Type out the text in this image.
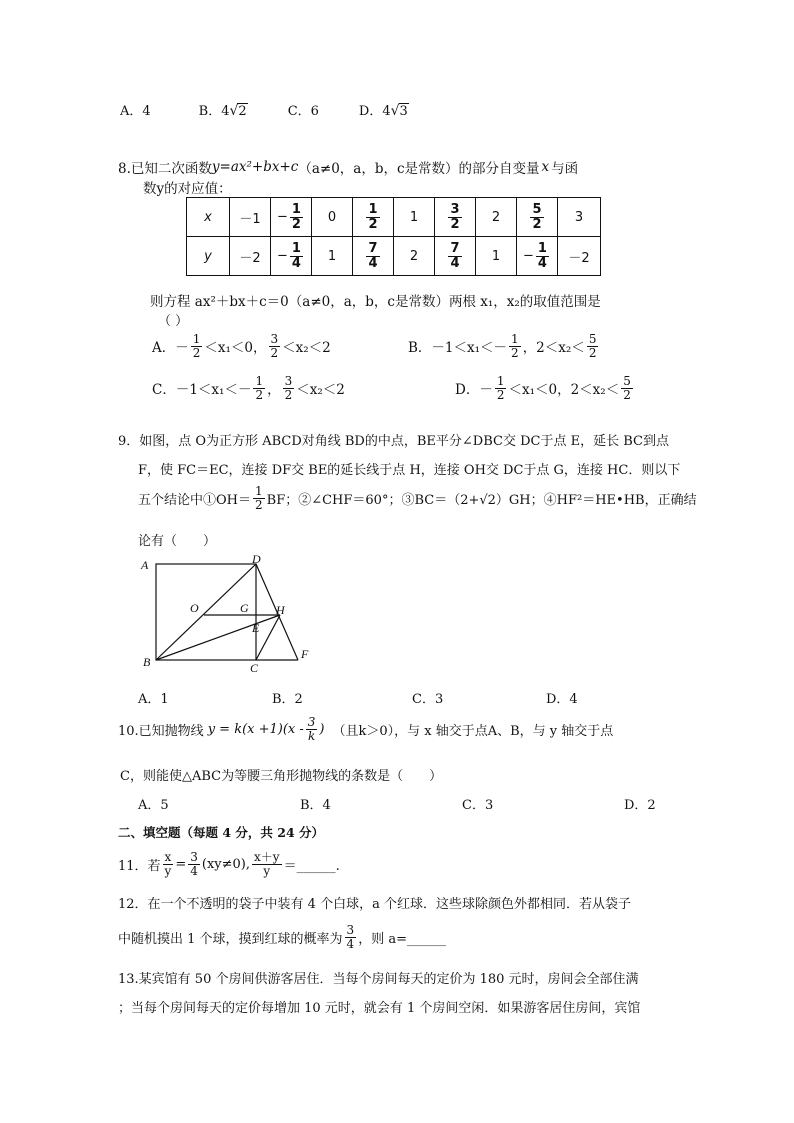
A．4	B．4√2	C．6	D．4√3
8.已知二次函数 y=ax²+bx+c （a≠0，a，b，c是常数）的部分自变量 x 与函
数y的对应值：
x	－1	− $\frac{1}{2}$	0	$\frac{1}{2}$	1	$\frac{3}{2}$	2	$\frac{5}{2}$	3
y	－2	− $\frac{1}{4}$	1	$\frac{7}{4}$	2	$\frac{7}{4}$	1	− $\frac{1}{4}$	－2
则方程 ax²＋bx＋c＝0（a≠0，a，b，c是常数）两根 x₁，x₂的取值范围是
（ ）
A．－ $\frac{1}{2} <x_1<0$， $\frac{3}{2} <x_2<2$	B．$-1<x_1<- \frac{1}{2}$ ，$2<x_2< \frac{5}{2}$
C．$-1<x_1<- \frac{1}{2}$ ， $\frac{3}{2} <x_2<2$	D．－ $\frac{1}{2} <x_1<0$，$2<x_2< \frac{5}{2}$
9．如图，点 O为正方形 ABCD对角线 BD的中点，BE平分∠DBC交 DC于点 E，延长 BC到点
F，使 FC＝EC，连接 DF交 BE的延长线于点 H，连接 OH交 DC于点 G，连接 HC．则以下
五个结论中①OH＝ $\frac{1}{2}$ BF；②∠CHF＝60°；③BC＝（2+√2）GH；④HF²＝HE•HB，正确结
论有（　　）
A	D
O	G H
E
B	C
F
A．1	B．2	C．3	D．4
10.已知抛物线 $y = k(x +1)(x - \frac{3}{k}$ ) （且k＞0），与 x 轴交于点A、B，与 y 轴交于点
C，则能使△ABC为等腰三角形抛物线的条数是（　　）
A．5	B．4	C．3	D．2
二、填空题（每题 4 分，共 24 分）
11．若 $\frac{x}{y} = \frac{3}{4} (xy\ne 0)$, $\frac{x+y}{y}$ ＝______.
12．在一个不透明的袋子中装有 4 个白球，a 个红球．这些球除颜色外都相同．若从袋子
中随机摸出 1 个球，摸到红球的概率为 $\frac{3}{4}$ ，则 a=______
13.某宾馆有 50 个房间供游客居住．当每个房间每天的定价为 180 元时，房间会全部住满
；当每个房间每天的定价每增加 10 元时，就会有 1 个房间空闲．如果游客居住房间，宾馆
